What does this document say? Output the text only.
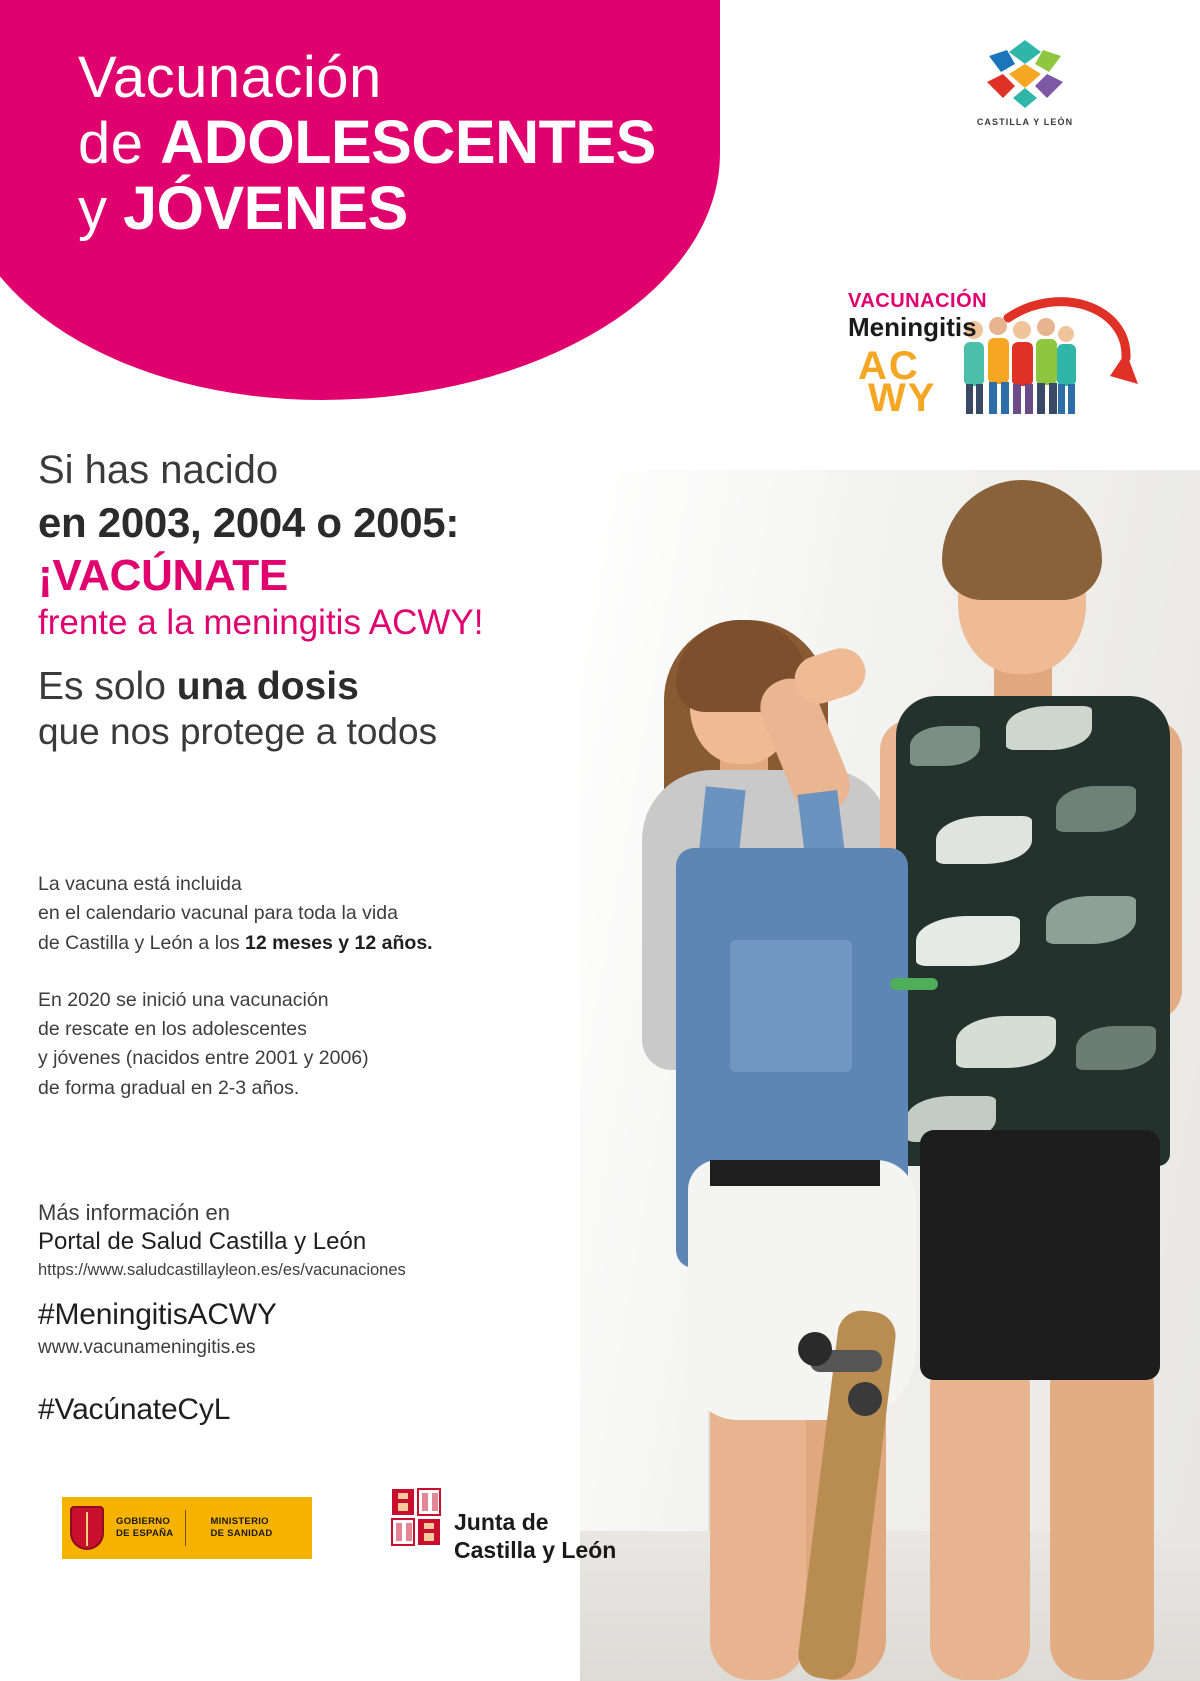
Vacunación
de ADOLESCENTES
y JÓVENES
CASTILLA Y LEÓN
VACUNACIÓN
Meningitis
AC
WY
Si has nacido
en 2003, 2004 o 2005:
¡VACÚNATE
frente a la meningitis ACWY!
Es solo una dosis
que nos protege a todos
La vacuna está incluida
en el calendario vacunal para toda la vida
de Castilla y León a los 12 meses y 12 años.
En 2020 se inició una vacunación
de rescate en los adolescentes
y jóvenes (nacidos entre 2001 y 2006)
de forma gradual en 2-3 años.
Más información en
Portal de Salud Castilla y León
https://www.saludcastillayleon.es/es/vacunaciones
#MeningitisACWY
www.vacunameningitis.es
#VacúnateCyL
GOBIERNO
DE ESPAÑA
MINISTERIO
DE SANIDAD	Junta de
Castilla y León
